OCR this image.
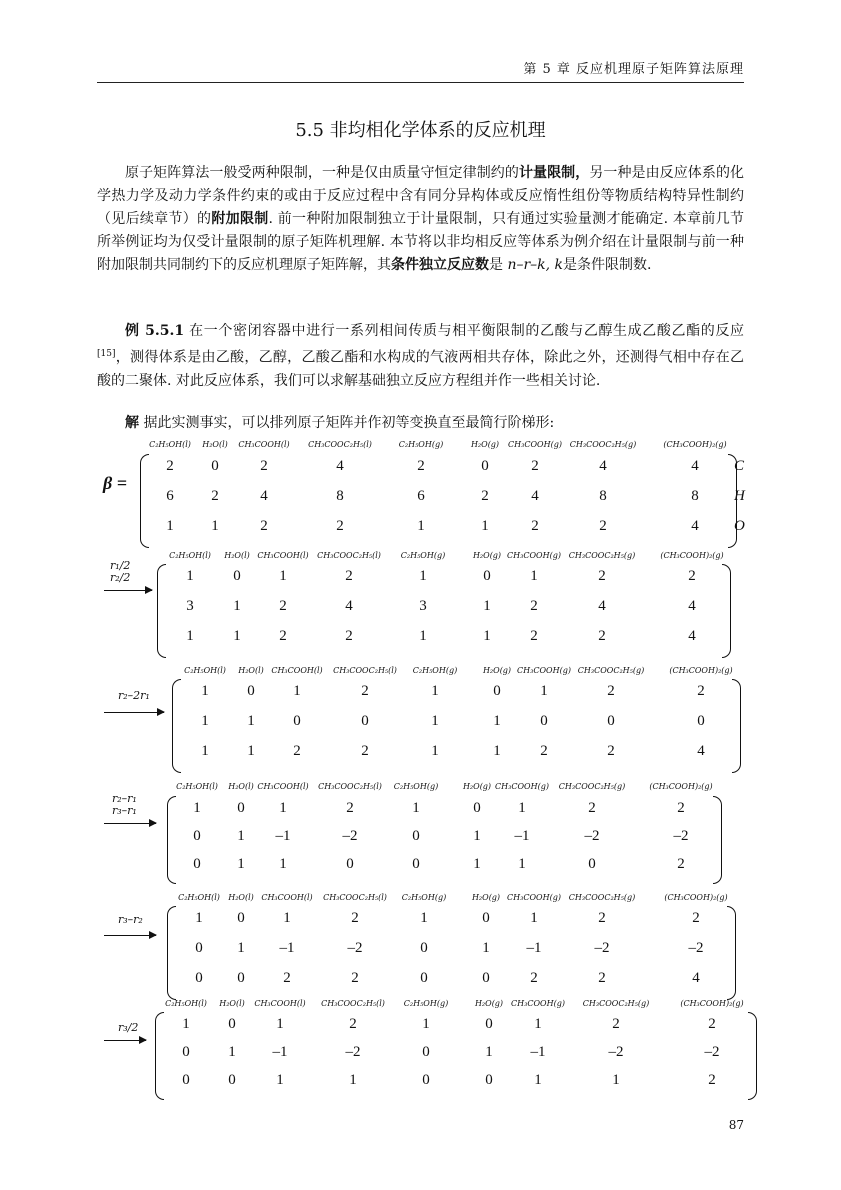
第 5 章 反应机理原子矩阵算法原理
5.5 非均相化学体系的反应机理
原子矩阵算法一般受两种限制，一种是仅由质量守恒定律制约的计量限制，另一种是由反应体系的化学热力学及动力学条件约束的或由于反应过程中含有同分异构体或反应惰性组份等物质结构特异性制约（见后续章节）的附加限制. 前一种附加限制独立于计量限制，只有通过实验量测才能确定. 本章前几节所举例证均为仅受计量限制的原子矩阵机理解. 本节将以非均相反应等体系为例介绍在计量限制与前一种附加限制共同制约下的反应机理原子矩阵解，其条件独立反应数是 n–r–k, k是条件限制数.
例 5.5.1 在一个密闭容器中进行一系列相间传质与相平衡限制的乙酸与乙醇生成乙酸乙酯的反应[15]，测得体系是由乙酸，乙醇，乙酸乙酯和水构成的气液两相共存体，除此之外，还测得气相中存在乙酸的二聚体. 对此反应体系，我们可以求解基础独立反应方程组并作一些相关讨论.
解 据此实测事实，可以排列原子矩阵并作初等变换直至最简行阶梯形:
C₂H₅OH(l) H₂O(l) CH₃COOH(l) CH₃COOC₂H₅(l)	C₂H₅OH(g)	H₂O(g) CH₃COOH(g) CH₃COOC₂H₅(g)	(CH₃COOH)₂(g)
2	0	2	4	2	0	2	4	4
6	2	4	8	6	2	4	8	8
1	1	2	2	1	1	2	2	4
β =
C
H
O
C₂H₅OH(l) H₂O(l) CH₃COOH(l) CH₃COOC₂H₅(l) C₂H₅OH(g)	H₂O(g) CH₃COOH(g) CH₃COOC₂H₅(g)	(CH₃COOH)₂(g)
1	0	1	2	1	0	1	2	2
3	1	2	4	3	1	2	4	4
1	1	2	2	1	1	2	2	4
r₁/2
r₂/2
C₂H₅OH(l) H₂O(l) CH₃COOH(l) CH₃COOC₂H₅(l) C₂H₅OH(g)	H₂O(g) CH₃COOH(g) CH₃COOC₂H₅(g)	(CH₃COOH)₂(g)
1	0	1	2	1	0	1	2	2
1	1	0	0	1	1	0	0	0
1	1	2	2	1	1	2	2	4
r₂–2r₁
C₂H₅OH(l) H₂O(l) CH₃COOH(l) CH₃COOC₂H₅(l) C₂H₅OH(g)	H₂O(g) CH₃COOH(g) CH₃COOC₂H₅(g)	(CH₃COOH)₂(g)
1 0 1	2	1	0	1	2	2
0 1 –1	–2	0	1 –1	–2	–2
0 1 1	0	0	1	1	0	2
r₂–r₁
r₃–r₁
C₂H₅OH(l) H₂O(l) CH₃COOH(l) CH₃COOC₂H₅(l) C₂H₅OH(g)	H₂O(g) CH₃COOH(g) CH₃COOC₂H₅(g)	(CH₃COOH)₂(g)
1 0	1	2	1	0	1	2	2
0 1 –1	–2	0	1 –1	–2	–2
0 0	2	2	0	0	2	2	4
r₃–r₂
C₂H₅OH(l) H₂O(l) CH₃COOH(l) CH₃COOC₂H₅(l) C₂H₅OH(g)	H₂O(g) CH₃COOH(g) CH₃COOC₂H₅(g)	(CH₃COOH)₂(g)
1	0	1	2	1	0	1	2	2
0	1 –1	–2	0	1	–1	–2	–2
0	0	1	1	0	0	1	1	2
r₃/2
87
